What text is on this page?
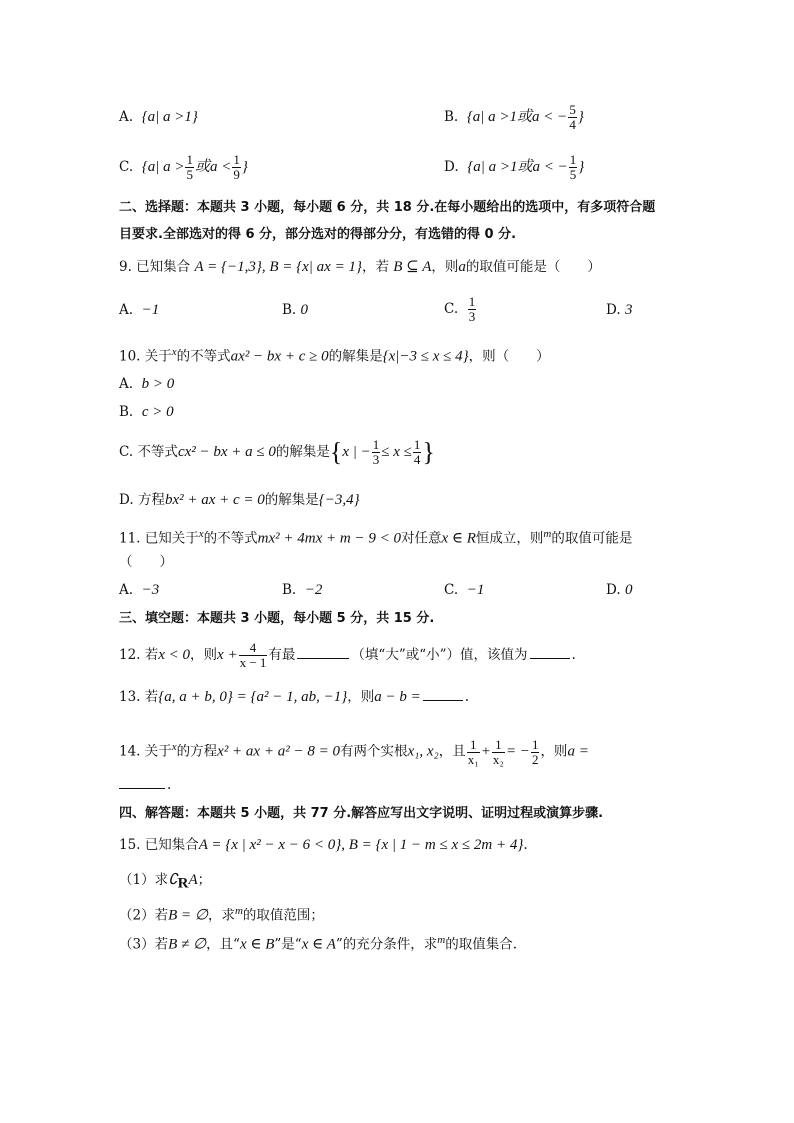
A. {a| a >1}	B. {a| a >1或a < − $\frac{5}{4}$ }
C. {a| $a > \frac{1}{5}$ 或$a < \frac{1}{9}$ }	D. {a| a >1或a < − $\frac{1}{5}$ }
二、选择题：本题共 3 小题，每小题 6 分，共 18 分.在每小题给出的选项中，有多项符合题
目要求.全部选对的得 6 分，部分选对的得部分分，有选错的得 0 分.
9. 已知集合 A = {−1,3}, B = {x| ax = 1}，若 B ⊆ A，则a的取值可能是（　　）
A. −1	B. 0	C. $\frac{1}{3}$	D. 3
10. 关于$^x$的不等式ax² − bx + c ≥ 0的解集是{x|−3 ≤ x ≤ 4}，则（　　）
A. b > 0
B. c > 0
C. 不等式cx² − bx + a ≤ 0的解集是{x | − $\frac{1}{3} \le x \le \frac{1}{4}$ }
D. 方程bx² + ax + c = 0的解集是{−3,4}
11. 已知关于$^x$的不等式mx² + 4mx + m − 9 < 0对任意x ∈ R恒成立，则$^m$的取值可能是
（　　）
A. −3	B. −2	C. −1	D. 0
三、填空题：本题共 3 小题，每小题 5 分，共 15 分.
12. 若x < 0，则$x + \frac{4}{x - 1}$ 有最	（填“大”或“小”）值，该值为	.
13. 若{a, a + b, 0} = {a² − 1, ab, −1}，则a − b =	.
14. 关于$^x$的方程x² + ax + a² − 8 = 0有两个实根x₁, x₂，且 $\frac{1}{\text{x₁}} + \frac{1}{\text{x₂}}$ = − $\frac{1}{2}$ ，则a =
.
四、解答题：本题共 5 小题，共 77 分.解答应写出文字说明、证明过程或演算步骤.
15. 已知集合A = {x | x² − x − 6 < 0}, B = {x | 1 − m ≤ x ≤ 2m + 4}.
（1）求$∁_RA$；
（2）若B = ∅，求$^m$的取值范围；
（3）若B ≠ ∅，且“x ∈ B”是“x ∈ A”的充分条件，求$^m$的取值集合.
